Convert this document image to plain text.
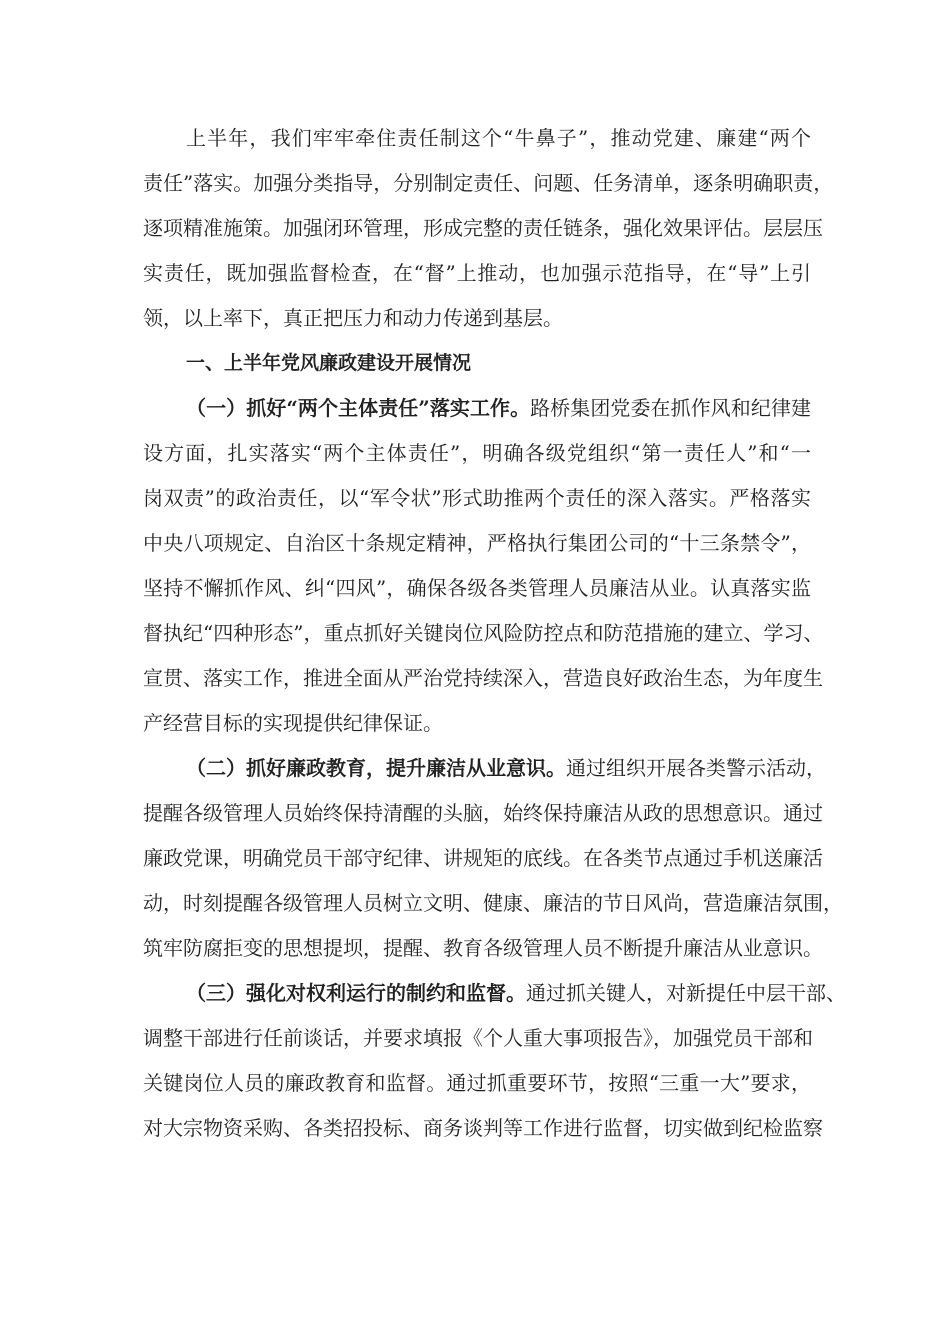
上半年，我们牢牢牵住责任制这个“牛鼻子”，推动党建、廉建“两个
责任”落实。加强分类指导，分别制定责任、问题、任务清单，逐条明确职责，
逐项精准施策。加强闭环管理，形成完整的责任链条，强化效果评估。层层压
实责任，既加强监督检查，在“督”上推动，也加强示范指导，在“导”上引
领，以上率下，真正把压力和动力传递到基层。
一、上半年党风廉政建设开展情况
（一）抓好“两个主体责任”落实工作。路桥集团党委在抓作风和纪律建
设方面，扎实落实“两个主体责任”，明确各级党组织“第一责任人”和“一
岗双责”的政治责任，以“军令状”形式助推两个责任的深入落实。严格落实
中央八项规定、自治区十条规定精神，严格执行集团公司的“十三条禁令”，
坚持不懈抓作风、纠“四风”，确保各级各类管理人员廉洁从业。认真落实监
督执纪“四种形态”，重点抓好关键岗位风险防控点和防范措施的建立、学习、
宣贯、落实工作，推进全面从严治党持续深入，营造良好政治生态，为年度生
产经营目标的实现提供纪律保证。
（二）抓好廉政教育，提升廉洁从业意识。通过组织开展各类警示活动，
提醒各级管理人员始终保持清醒的头脑，始终保持廉洁从政的思想意识。通过
廉政党课，明确党员干部守纪律、讲规矩的底线。在各类节点通过手机送廉活
动，时刻提醒各级管理人员树立文明、健康、廉洁的节日风尚，营造廉洁氛围，
筑牢防腐拒变的思想提坝，提醒、教育各级管理人员不断提升廉洁从业意识。
（三）强化对权利运行的制约和监督。通过抓关键人，对新提任中层干部、
调整干部进行任前谈话，并要求填报《个人重大事项报告》，加强党员干部和
关键岗位人员的廉政教育和监督。通过抓重要环节，按照“三重一大”要求，
对大宗物资采购、各类招投标、商务谈判等工作进行监督，切实做到纪检监察
